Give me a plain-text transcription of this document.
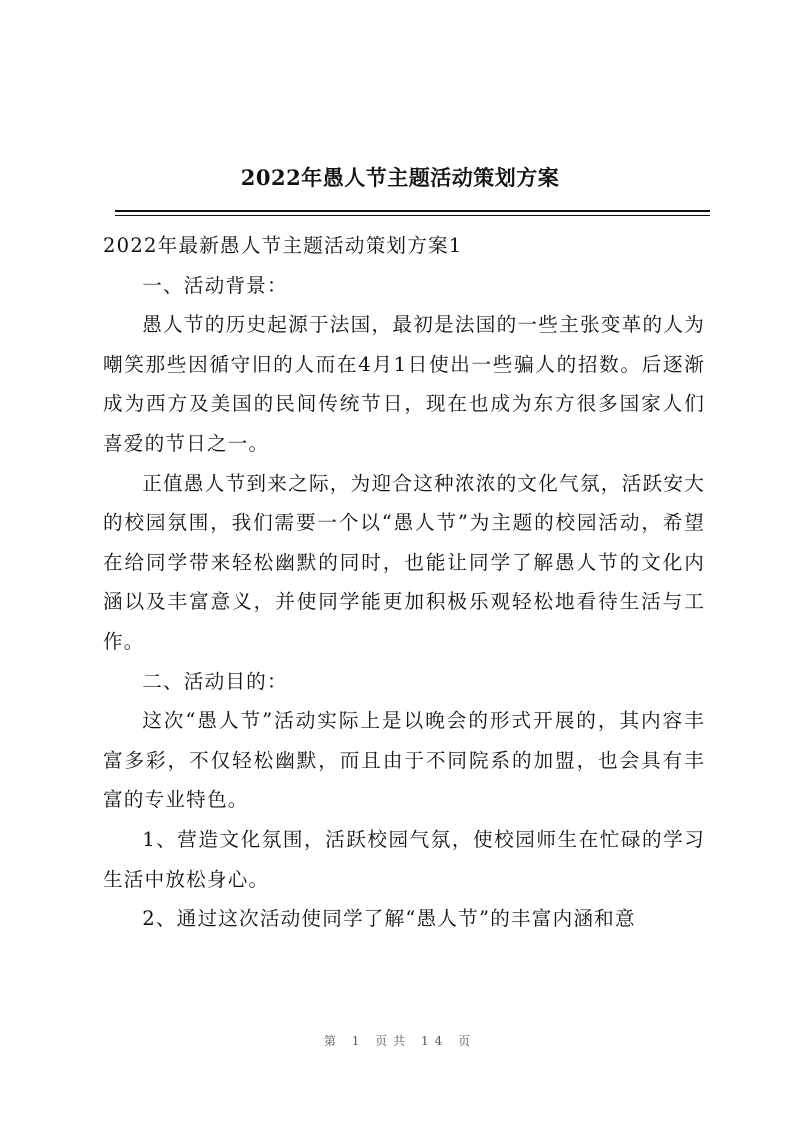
2022年愚人节主题活动策划方案

2022年最新愚人节主题活动策划方案1

一、活动背景：

愚人节的历史起源于法国，最初是法国的一些主张变革的人为嘲笑那些因循守旧的人而在4月1日使出一些骗人的招数。后逐渐成为西方及美国的民间传统节日，现在也成为东方很多国家人们喜爱的节日之一。

正值愚人节到来之际，为迎合这种浓浓的文化气氛，活跃安大的校园氛围，我们需要一个以“愚人节”为主题的校园活动，希望在给同学带来轻松幽默的同时，也能让同学了解愚人节的文化内涵以及丰富意义，并使同学能更加积极乐观轻松地看待生活与工作。

二、活动目的：

这次“愚人节”活动实际上是以晚会的形式开展的，其内容丰富多彩，不仅轻松幽默，而且由于不同院系的加盟，也会具有丰富的专业特色。

1、营造文化氛围，活跃校园气氛，使校园师生在忙碌的学习生活中放松身心。

2、通过这次活动使同学了解“愚人节”的丰富内涵和意

第 1 页共 14 页
